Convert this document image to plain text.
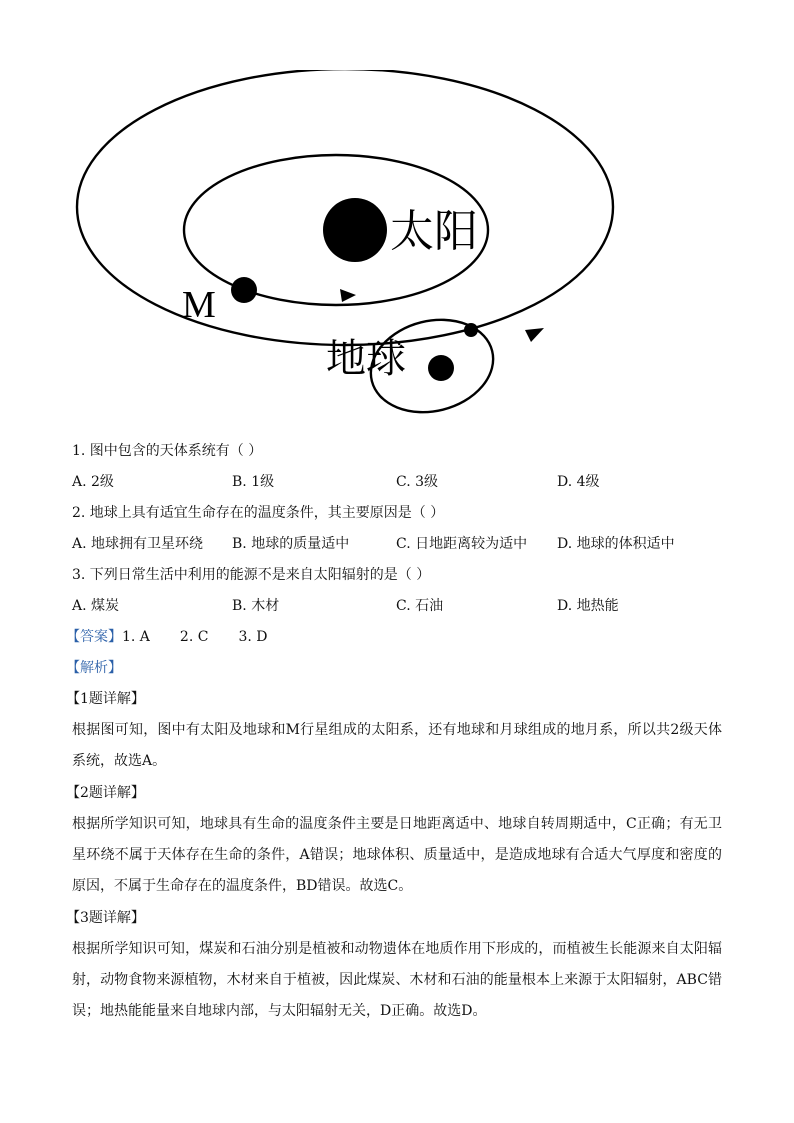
太阳
M
地球
1. 图中包含的天体系统有（ ）
A. 2级	B. 1级	C. 3级	D. 4级
2. 地球上具有适宜生命存在的温度条件，其主要原因是（ ）
A. 地球拥有卫星环绕 B. 地球的质量适中	C. 日地距离较为适中 D. 地球的体积适中
3. 下列日常生活中利用的能源不是来自太阳辐射的是（ ）
A. 煤炭	B. 木材	C. 石油	D. 地热能
【答案】1. A 2. C 3. D
【解析】
【1题详解】
根据图可知，图中有太阳及地球和M行星组成的太阳系，还有地球和月球组成的地月系，所以共2级天体系统，故选A。
【2题详解】
根据所学知识可知，地球具有生命的温度条件主要是日地距离适中、地球自转周期适中，C正确；有无卫星环绕不属于天体存在生命的条件，A错误；地球体积、质量适中，是造成地球有合适大气厚度和密度的原因，不属于生命存在的温度条件，BD错误。故选C。
【3题详解】
根据所学知识可知，煤炭和石油分别是植被和动物遗体在地质作用下形成的，而植被生长能源来自太阳辐射，动物食物来源植物，木材来自于植被，因此煤炭、木材和石油的能量根本上来源于太阳辐射，ABC错误；地热能能量来自地球内部，与太阳辐射无关，D正确。故选D。
